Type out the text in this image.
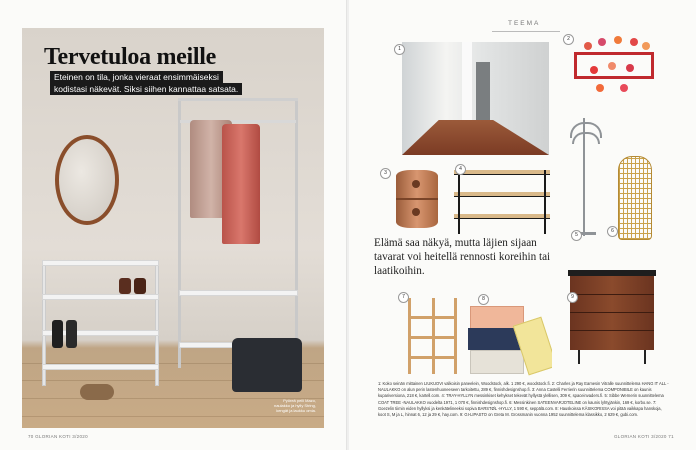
Tervetuloa meille
Eteinen on tila, jonka vieraat ensimmäiseksi
kodistasi näkevät. Siksi siihen kannattaa satsata.
Pyöreä peili Mazo, naulakko ja hylly String, kengät ja laukku omia.
70 GLORIAN KOTI 3/2020
TEEMA
1
2
3
4
5
6
Elämä saa näkyä, mutta läjien sijaan tavarat voi heitellä rennosti koreihin tai laatikoihin.
7	8	9
1: Koko seinän mittainen LIUKUOVI valkoisin paneelein, Woodstock, alk. 1 290 €, woodstock.fi. 2: Charles ja Ray Eamesin Vitralle suunnittelema HANG IT ALL -NAULAKKO on alun perin lastenhuoneeseen tarkoitettu, 289 €, finnishdesignshop.fi. 3: Anna Castelli Ferrierin suunnittelema COMPONIBILE on kaunis kupariversiona, 218 €, kartell.com. 4: TRAY-HYLLYN messinkiset kehykset tekevät hyllystä ylellisen, 309 €, spaceinvaders.fi. 5: Sibbe Wernerin suunnittelema COAT TREE -NAULAKKO vuodelta 1971, 1 070 €, finnishdesignshop.fi. 6: Messinkinen SATEENVARJOTELINE on kaunis lyhtyjänkin, 169 €, korbo.se. 7: Goezelin tiimin eiden hyllyksi ja kenkätelineeksi sopiva BARSTØL -HYLLY, 1 590 €, seppälä.com. 8: Hauskoissa KÄSIKORISSA voi pitää vaikkapa hanskoja, koot S, M ja L, hinnat 6, 12 ja 29 €, hay.com. 9: GI-LIPASTO on Greta M. Grossmanin vuonna 1952 suunnittelema klassikko, 2 629 €, gubi.com.
GLORIAN KOTI 3/2020 71
